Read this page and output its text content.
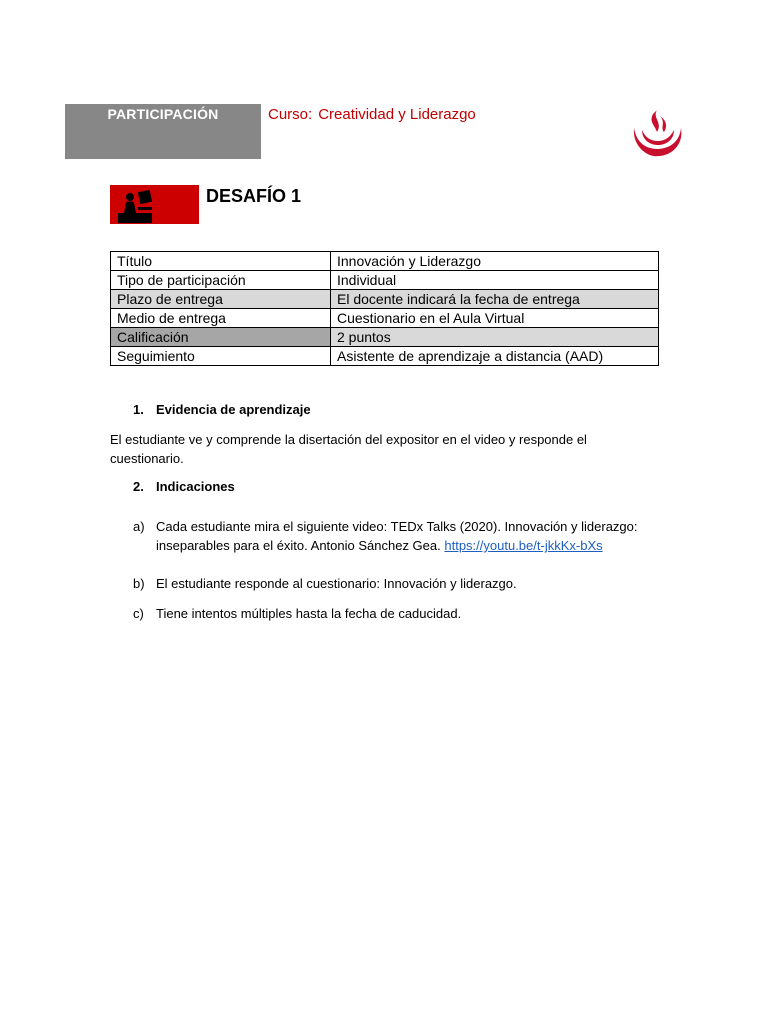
PARTICIPACIÓN	Curso: Creatividad y Liderazgo
DESAFÍO 1
Título	Innovación y Liderazgo
Tipo de participación	Individual
Plazo de entrega	El docente indicará la fecha de entrega
Medio de entrega	Cuestionario en el Aula Virtual
Calificación	2 puntos
Seguimiento	Asistente de aprendizaje a distancia (AAD)
1. Evidencia de aprendizaje
El estudiante ve y comprende la disertación del expositor en el video y responde el cuestionario.
2. Indicaciones
a) Cada estudiante mira el siguiente video: TEDx Talks (2020). Innovación y liderazgo: inseparables para el éxito. Antonio Sánchez Gea. https://youtu.be/t-jkkKx-bXs
b) El estudiante responde al cuestionario: Innovación y liderazgo.
c) Tiene intentos múltiples hasta la fecha de caducidad.
